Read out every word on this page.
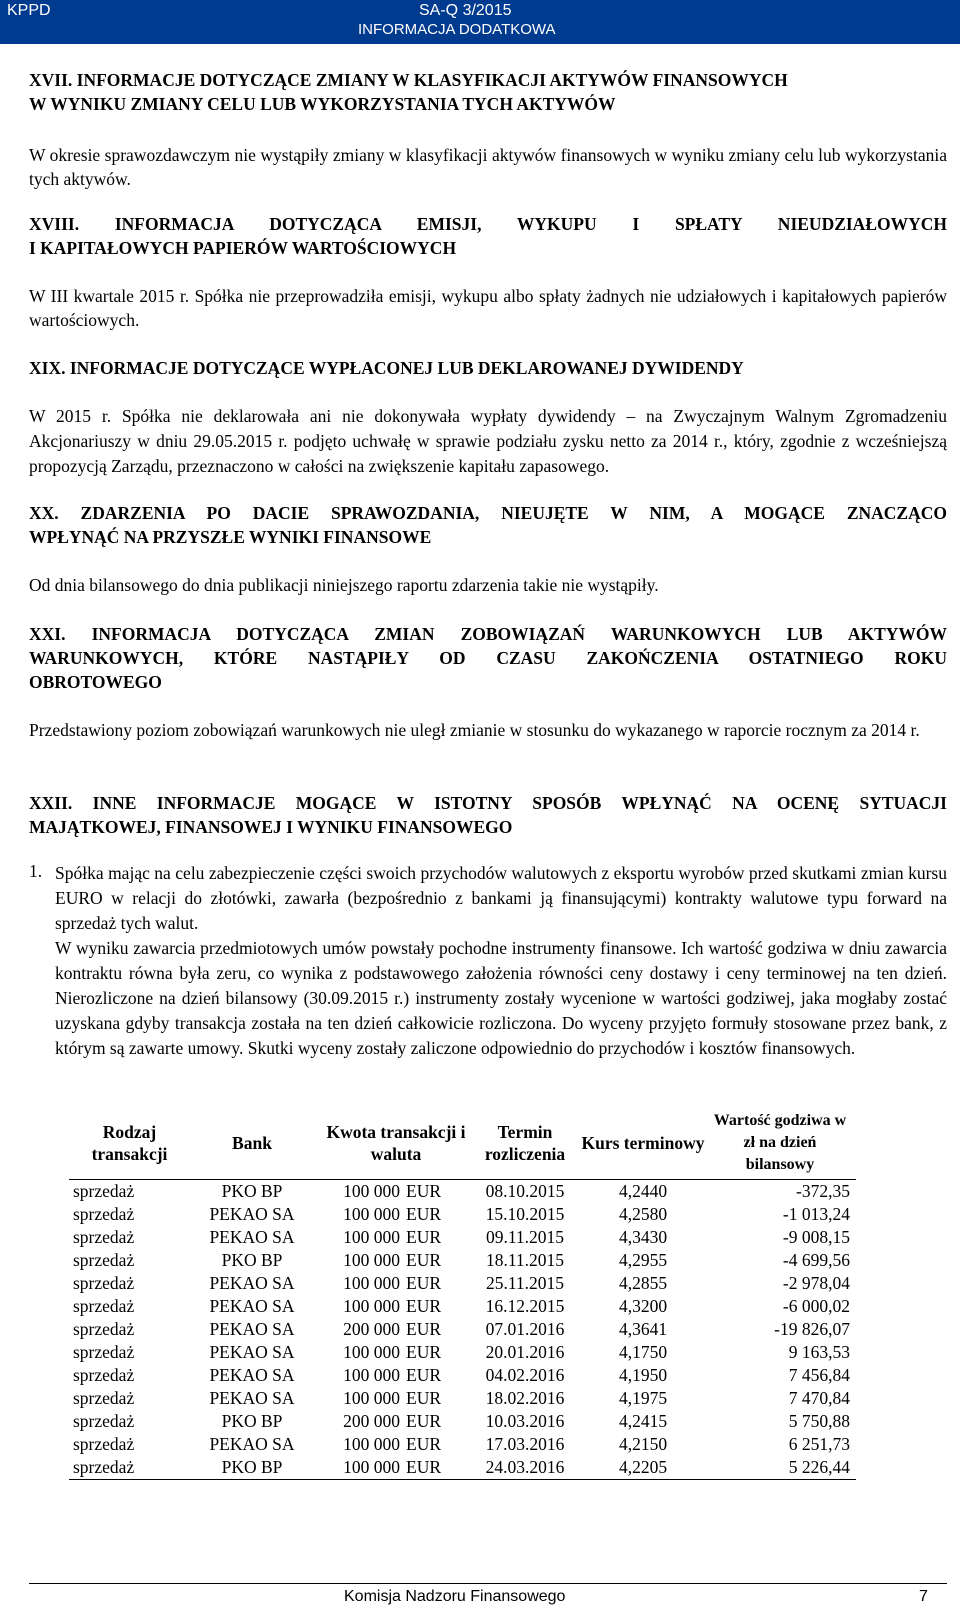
KPPD	SA-Q 3/2015
INFORMACJA DODATKOWA
XVII. INFORMACJE DOTYCZĄCE ZMIANY W KLASYFIKACJI AKTYWÓW FINANSOWYCH
W WYNIKU ZMIANY CELU LUB WYKORZYSTANIA TYCH AKTYWÓW
W okresie sprawozdawczym nie wystąpiły zmiany w klasyfikacji aktywów finansowych w wyniku zmiany celu lub wykorzystania tych aktywów.
XVIII. INFORMACJA DOTYCZĄCA EMISJI, WYKUPU I SPŁATY NIEUDZIAŁOWYCH
I KAPITAŁOWYCH PAPIERÓW WARTOŚCIOWYCH
W III kwartale 2015 r. Spółka nie przeprowadziła emisji, wykupu albo spłaty żadnych nie udziałowych i kapitałowych papierów wartościowych.
XIX. INFORMACJE DOTYCZĄCE WYPŁACONEJ LUB DEKLAROWANEJ DYWIDENDY
W 2015 r. Spółka nie deklarowała ani nie dokonywała wypłaty dywidendy – na Zwyczajnym Walnym Zgromadzeniu Akcjonariuszy w dniu 29.05.2015 r. podjęto uchwałę w sprawie podziału zysku netto za 2014 r., który, zgodnie z wcześniejszą propozycją Zarządu, przeznaczono w całości na zwiększenie kapitału zapasowego.
XX. ZDARZENIA PO DACIE SPRAWOZDANIA, NIEUJĘTE W NIM, A MOGĄCE ZNACZĄCO
WPŁYNĄĆ NA PRZYSZŁE WYNIKI FINANSOWE
Od dnia bilansowego do dnia publikacji niniejszego raportu zdarzenia takie nie wystąpiły.
XXI. INFORMACJA DOTYCZĄCA ZMIAN ZOBOWIĄZAŃ WARUNKOWYCH LUB AKTYWÓW
WARUNKOWYCH, KTÓRE NASTĄPIŁY OD CZASU ZAKOŃCZENIA OSTATNIEGO ROKU
OBROTOWEGO
Przedstawiony poziom zobowiązań warunkowych nie uległ zmianie w stosunku do wykazanego w raporcie rocznym za 2014 r.
XXII. INNE INFORMACJE MOGĄCE W ISTOTNY SPOSÓB WPŁYNĄĆ NA OCENĘ SYTUACJI
MAJĄTKOWEJ, FINANSOWEJ I WYNIKU FINANSOWEGO
1. Spółka mając na celu zabezpieczenie części swoich przychodów walutowych z eksportu wyrobów przed skutkami zmian kursu EURO w relacji do złotówki, zawarła (bezpośrednio z bankami ją finansującymi) kontrakty walutowe typu forward na sprzedaż tych walut.
W wyniku zawarcia przedmiotowych umów powstały pochodne instrumenty finansowe. Ich wartość godziwa w dniu zawarcia kontraktu równa była zeru, co wynika z podstawowego założenia równości ceny dostawy i ceny terminowej na ten dzień. Nierozliczone na dzień bilansowy (30.09.2015 r.) instrumenty zostały wycenione w wartości godziwej, jaka mogłaby zostać uzyskana gdyby transakcja została na ten dzień całkowicie rozliczona. Do wyceny przyjęto formuły stosowane przez bank, z którym są zawarte umowy. Skutki wyceny zostały zaliczone odpowiednio do przychodów i kosztów finansowych.
Rodzaj transakcji	Bank	Kwota transakcji i waluta		Termin rozliczenia	Kurs terminowy	Wartość godziwa w zł na dzień bilansowy
sprzedaż	PKO BP	100 000	EUR	08.10.2015	4,2440	-372,35
sprzedaż	PEKAO SA	100 000	EUR	15.10.2015	4,2580	-1 013,24
sprzedaż	PEKAO SA	100 000	EUR	09.11.2015	4,3430	-9 008,15
sprzedaż	PKO BP	100 000	EUR	18.11.2015	4,2955	-4 699,56
sprzedaż	PEKAO SA	100 000	EUR	25.11.2015	4,2855	-2 978,04
sprzedaż	PEKAO SA	100 000	EUR	16.12.2015	4,3200	-6 000,02
sprzedaż	PEKAO SA	200 000	EUR	07.01.2016	4,3641	-19 826,07
sprzedaż	PEKAO SA	100 000	EUR	20.01.2016	4,1750	9 163,53
sprzedaż	PEKAO SA	100 000	EUR	04.02.2016	4,1950	7 456,84
sprzedaż	PEKAO SA	100 000	EUR	18.02.2016	4,1975	7 470,84
sprzedaż	PKO BP	200 000	EUR	10.03.2016	4,2415	5 750,88
sprzedaż	PEKAO SA	100 000	EUR	17.03.2016	4,2150	6 251,73
sprzedaż	PKO BP	100 000	EUR	24.03.2016	4,2205	5 226,44
Komisja Nadzoru Finansowego	7
